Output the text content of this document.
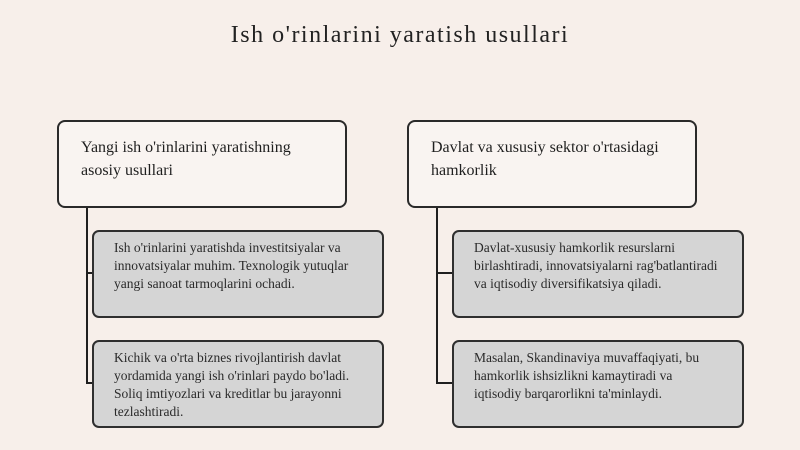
Ish o'rinlarini yaratish usullari
Yangi ish o'rinlarini yaratishning asosiy usullari
Ish o'rinlarini yaratishda investitsiyalar va innovatsiyalar muhim. Texnologik yutuqlar yangi sanoat tarmoqlarini ochadi.
Kichik va o'rta biznes rivojlantirish davlat yordamida yangi ish o'rinlari paydo bo'ladi. Soliq imtiyozlari va kreditlar bu jarayonni tezlashtiradi.
Davlat va xususiy sektor o'rtasidagi hamkorlik
Davlat-xususiy hamkorlik resurslarni birlashtiradi, innovatsiyalarni rag'batlantiradi va iqtisodiy diversifikatsiya qiladi.
Masalan, Skandinaviya muvaffaqiyati, bu hamkorlik ishsizlikni kamaytiradi va iqtisodiy barqarorlikni ta'minlaydi.
